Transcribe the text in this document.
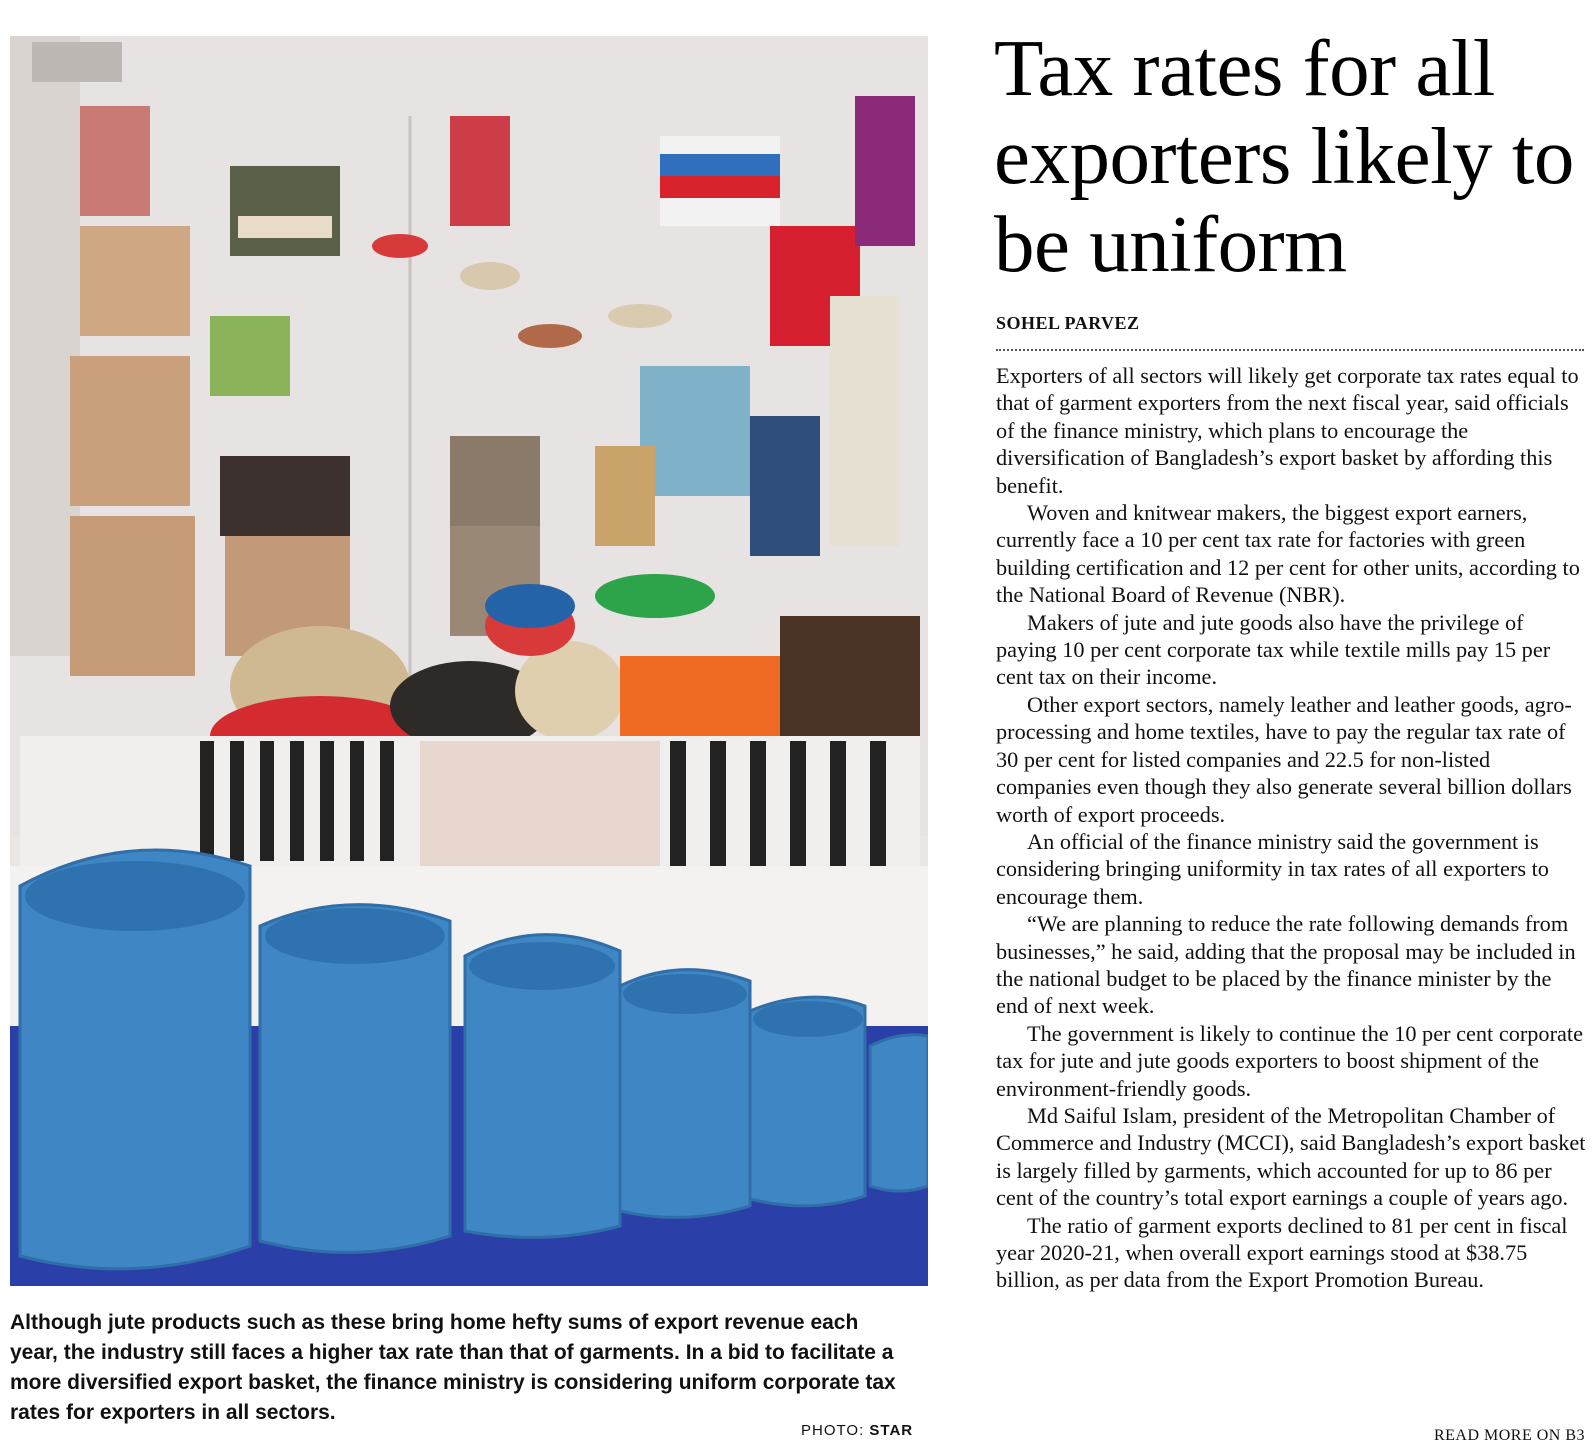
Although jute products such as these bring home hefty sums of export revenue each year, the industry still faces a higher tax rate than that of garments. In a bid to facilitate a more diversified export basket, the finance ministry is considering uniform corporate tax rates for exporters in all sectors.
PHOTO: STAR
Tax rates for all exporters likely to be uniform
SOHEL PARVEZ

Exporters of all sectors will likely get corporate tax rates equal to that of garment exporters from the next fiscal year, said officials of the finance ministry, which plans to encourage the diversification of Bangladesh’s export basket by affording this benefit.

Woven and knitwear makers, the biggest export earners, currently face a 10 per cent tax rate for factories with green building certification and 12 per cent for other units, according to the National Board of Revenue (NBR).

Makers of jute and jute goods also have the privilege of paying 10 per cent corporate tax while textile mills pay 15 per cent tax on their income.

Other export sectors, namely leather and leather goods, agro-processing and home textiles, have to pay the regular tax rate of 30 per cent for listed companies and 22.5 for non-listed companies even though they also generate several billion dollars worth of export proceeds.

An official of the finance ministry said the government is considering bringing uniformity in tax rates of all exporters to encourage them.

“We are planning to reduce the rate following demands from businesses,” he said, adding that the proposal may be included in the national budget to be placed by the finance minister by the end of next week.

The government is likely to continue the 10 per cent corporate tax for jute and jute goods exporters to boost shipment of the environment-friendly goods.

Md Saiful Islam, president of the Metropolitan Chamber of Commerce and Industry (MCCI), said Bangladesh’s export basket is largely filled by garments, which accounted for up to 86 per cent of the country’s total export earnings a couple of years ago.

The ratio of garment exports declined to 81 per cent in fiscal year 2020-21, when overall export earnings stood at $38.75 billion, as per data from the Export Promotion Bureau.

READ MORE ON B3
